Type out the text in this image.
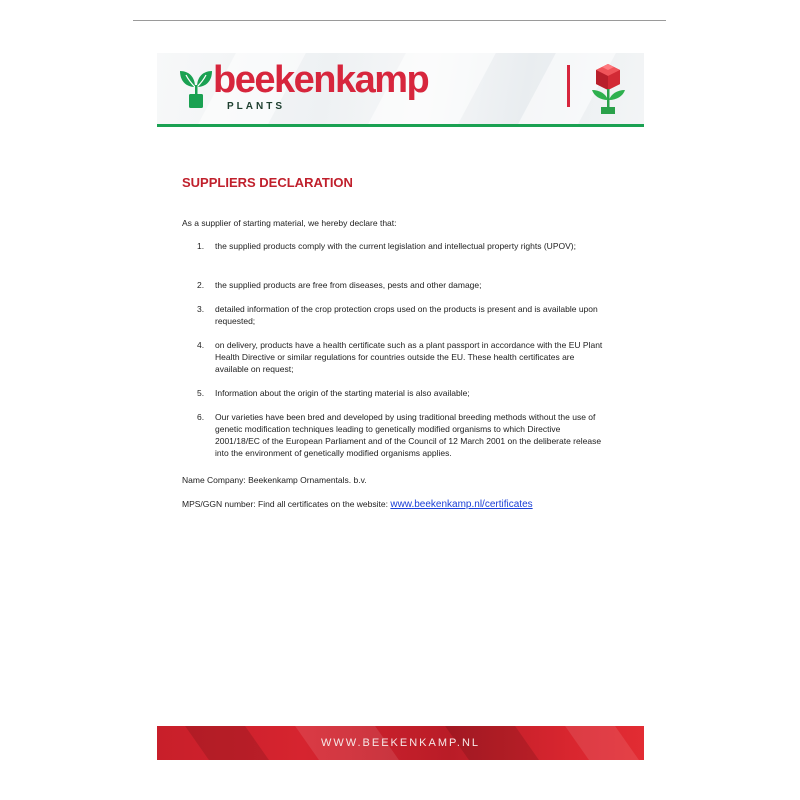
beekenkamp
PLANTS
SUPPLIERS DECLARATION

As a supplier of starting material, we hereby declare that:

1. the supplied products comply with the current legislation and intellectual property rights (UPOV);
2. the supplied products are free from diseases, pests and other damage;
3. detailed information of the crop protection crops used on the products is present and is available upon requested;
4. on delivery, products have a health certificate such as a plant passport in accordance with the EU Plant Health Directive or similar regulations for countries outside the EU. These health certificates are available on request;
5. Information about the origin of the starting material is also available;
6. Our varieties have been bred and developed by using traditional breeding methods without the use of genetic modification techniques leading to genetically modified organisms to which Directive 2001/18/EC of the European Parliament and of the Council of 12 March 2001 on the deliberate release into the environment of genetically modified organisms applies.

Name Company: Beekenkamp Ornamentals. b.v.

MPS/GGN number: Find all certificates on the website: www.beekenkamp.nl/certificates

WWW.BEEKENKAMP.NL
